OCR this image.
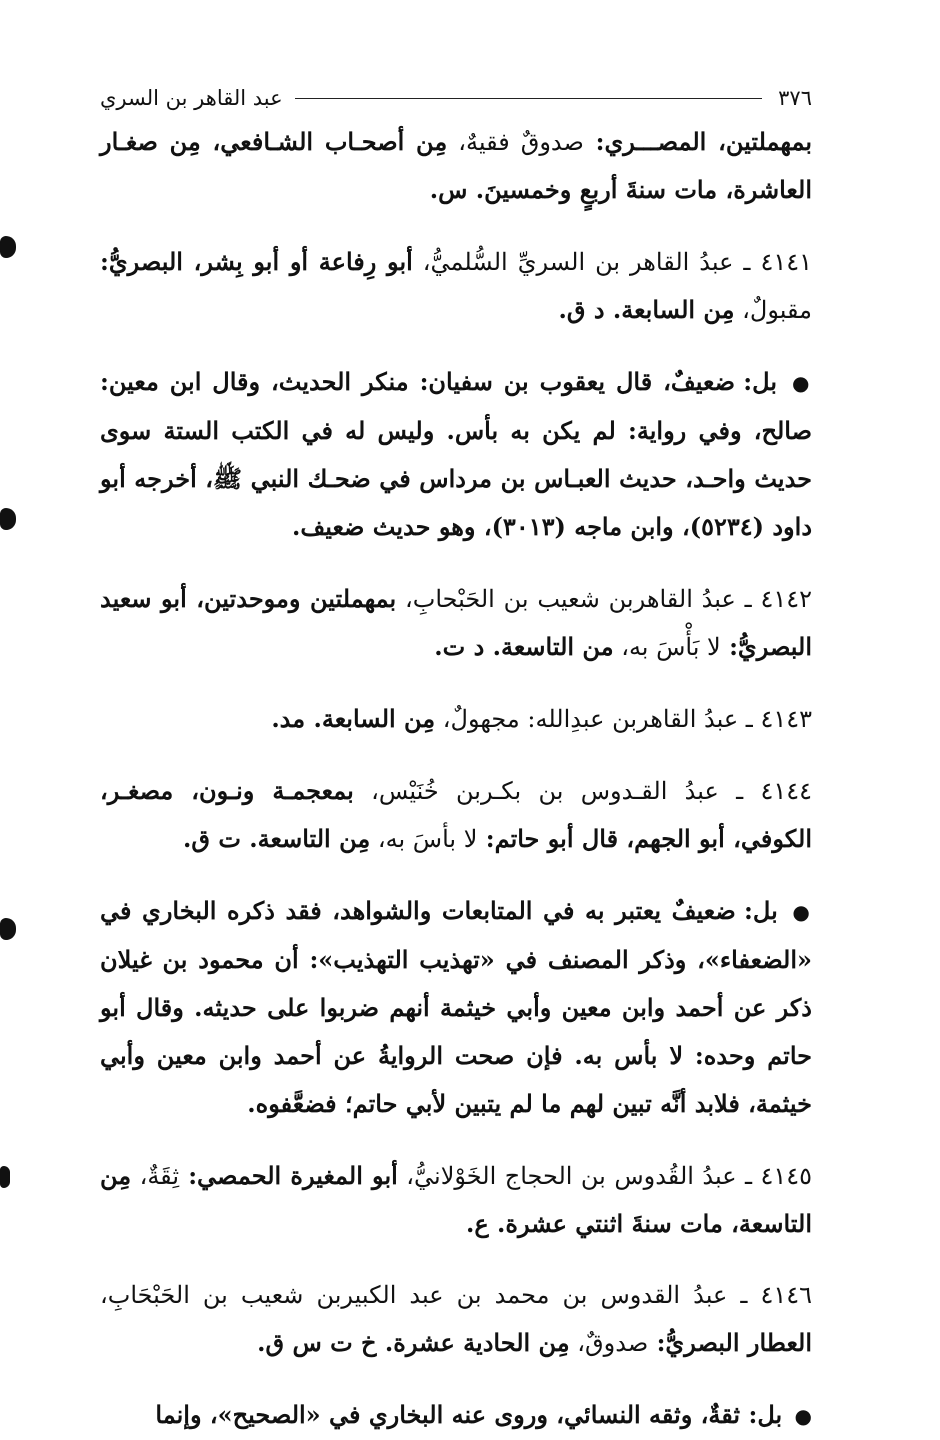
٣٧٦
عبد القاهر بن السري

بمهملتين، المصـــري: صدوقٌ فقيهٌ، مِن أصحـاب الشـافعي، مِن صغـار العاشرة، مات سنةَ أربعٍ وخمسينَ. س.

٤١٤١ ـ عبدُ القاهر بن السريِّ السُّلميُّ، أبو رِفاعة أو أبو بِشر، البصريُّ: مقبولٌ، مِن السابعة. د ق.

● بل: ضعيفٌ، قال يعقوب بن سفيان: منكر الحديث، وقال ابن معين: صالح، وفي رواية: لم يكن به بأس. وليس له في الكتب الستة سوى حديث واحـد، حديث العبـاس بن مرداس في ضحـك النبي ﷺ، أخرجه أبو داود (٥٢٣٤)، وابن ماجه (٣٠١٣)، وهو حديث ضعيف.

٤١٤٢ ـ عبدُ القاهربن شعيب بن الحَبْحابِ، بمهملتين وموحدتين، أبو سعيد البصريُّ: لا بَأْسَ به، من التاسعة. د ت.

٤١٤٣ ـ عبدُ القاهربن عبدِالله: مجهولٌ، مِن السابعة. مد.

٤١٤٤ ـ عبدُ القـدوس بن بكـربن خُنَيْس، بمعجمـة ونـون، مصغـر، الكوفي، أبو الجهم، قال أبو حاتم: لا بأسَ به، مِن التاسعة. ت ق.

● بل: ضعيفٌ يعتبر به في المتابعات والشواهد، فقد ذكره البخاري في «الضعفاء»، وذكر المصنف في «تهذيب التهذيب»: أن محمود بن غيلان ذكر عن أحمد وابن معين وأبي خيثمة أنهم ضربوا على حديثه. وقال أبو حاتم وحده: لا بأس به. فإن صحت الروايةُ عن أحمد وابن معين وأبي خيثمة، فلابد أنَّه تبين لهم ما لم يتبين لأبي حاتم؛ فضعَّفوه.

٤١٤٥ ـ عبدُ القُدوس بن الحجاج الخَوْلانيُّ، أبو المغيرة الحمصي: ثِقَةٌ، مِن التاسعة، مات سنةَ اثنتي عشرة. ع.

٤١٤٦ ـ عبدُ القدوس بن محمد بن عبد الكبيربن شعيب بن الحَبْحَابِ، العطار البصريُّ: صدوقٌ، مِن الحادية عشرة. خ ت س ق.

● بل: ثقةٌ، وثقه النسائي، وروى عنه البخاري في «الصحيح»، وإنما
